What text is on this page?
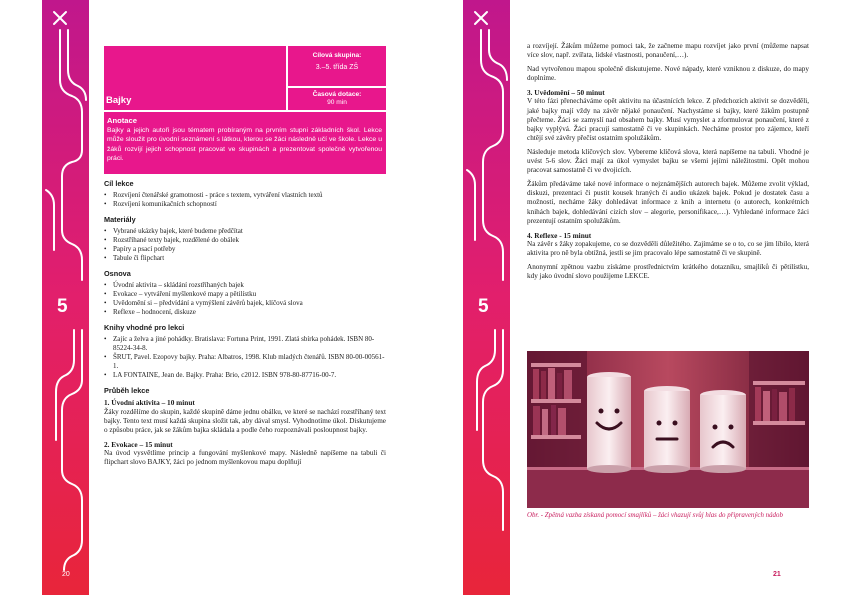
5
20
Bajky
Cílová skupina:
3.–5. třída ZŠ
Časová dotace:
90 min
Anotace
Bajky a jejich autoři jsou tématem probíraným na prvním stupni základních škol. Lekce může sloužit pro úvodní seznámení s látkou, kterou se žáci následně učí ve škole. Lekce u žáků rozvíjí jejich schopnost pracovat ve skupinách a prezentovat společně vytvořenou práci.
Cíl lekce
• Rozvíjení čtenářské gramotnosti - práce s textem, vytváření vlastních textů
• Rozvíjení komunikačních schopností
Materiály
• Vybrané ukázky bajek, které budeme předčítat
• Rozstříhané texty bajek, rozdělené do obálek
• Papíry a psací potřeby
• Tabule či flipchart
Osnova
• Úvodní aktivita – skládání rozstříhaných bajek
• Evokace – vytváření myšlenkové mapy a pětilístku
• Uvědomění si – předvídání a vymýšlení závěrů bajek, klíčová slova
• Reflexe – hodnocení, diskuze
Knihy vhodné pro lekci
• Zajíc a želva a jiné pohádky. Bratislava: Fortuna Print, 1991. Zlatá sbírka pohádek. ISBN 80-85224-34-8.
• ŠRUT, Pavel. Ezopovy bajky. Praha: Albatros, 1998. Klub mladých čtenářů. ISBN 80-00-00561-1.
• LA FONTAINE, Jean de. Bajky. Praha: Brio, c2012. ISBN 978-80-87716-00-7.
Průběh lekce
1. Úvodní aktivita – 10 minut

Žáky rozdělíme do skupin, každé skupině dáme jednu obálku, ve které se nachází rozstříhaný text bajky. Tento text musí každá skupina složit tak, aby dával smysl. Vyhodnotíme úkol. Diskutujeme o způsobu práce, jak se žákům bajka skládala a podle čeho rozpoznávali posloupnost bajky.

2. Evokace – 15 minut

Na úvod vysvětlíme princip a fungování myšlenkové mapy. Následně napíšeme na tabuli či flipchart slovo BAJKY, žáci po jednom myšlenkovou mapu doplňují

5
21

a rozvíjejí. Žákům můžeme pomoci tak, že začneme mapu rozvíjet jako první (můžeme napsat více slov, např. zvířata, lidské vlastnosti, ponaučení,…).

Nad vytvořenou mapou společně diskutujeme. Nové nápady, které vzniknou z diskuze, do mapy doplníme.

3. Uvědomění – 50 minut

V této fázi přenecháváme opět aktivitu na účastnících lekce. Z předchozích aktivit se dozvěděli, jaké bajky mají vždy na závěr nějaké ponaučení. Nachystáme si bajky, které žákům postupně přečteme. Žáci se zamyslí nad obsahem bajky. Musí vymyslet a zformulovat ponaučení, které z bajky vyplývá. Žáci pracují samostatně či ve skupinkách. Necháme prostor pro zájemce, kteří chtějí své závěry přečíst ostatním spolužákům.

Následuje metoda klíčových slov. Vybereme klíčová slova, která napíšeme na tabuli. Vhodné je uvést 5-6 slov. Žáci mají za úkol vymyslet bajku se všemi jejími náležitostmi. Opět mohou pracovat samostatně či ve dvojicích.

Žákům předáváme také nové informace o nejznámějších autorech bajek. Můžeme zvolit výklad, diskuzi, prezentaci či pustit kousek hraných či audio ukázek bajek. Pokud je dostatek času a možností, necháme žáky dohledávat informace z knih a internetu (o autorech, konkrétních knihách bajek, dohledávání cizích slov – alegorie, personifikace,…). Vyhledané informace žáci prezentují ostatním spolužákům.

4. Reflexe - 15 minut

Na závěr s žáky zopakujeme, co se dozvěděli důležitého. Zajímáme se o to, co se jim líbilo, která aktivita pro ně byla obtížná, jestli se jim pracovalo lépe samostatně či ve skupině.

Anonymní zpětnou vazbu získáme prostřednictvím krátkého dotazníku, smajlíků či pětilístku, kdy jako úvodní slovo použijeme LEKCE.

Obr. - Zpětná vazba získaná pomocí smajlíků – žáci vhazují svůj hlas do připravených nádob
